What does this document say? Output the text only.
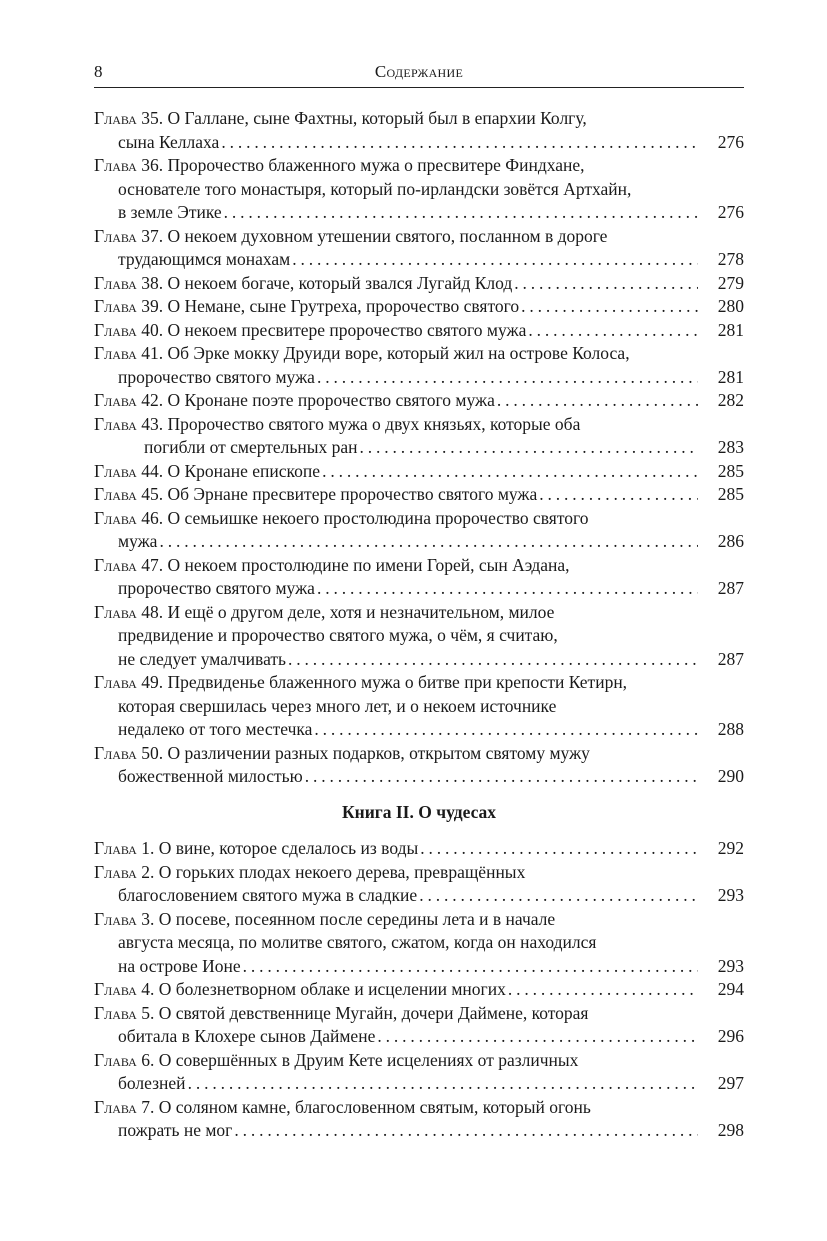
8	Содержание
Глава 35. О Галлане, сыне Фахтны, который был в епархии Колгу,
сына Келлаха . . .	276
Глава 36. Пророчество блаженного мужа о пресвитере Финдхане,
основателе того монастыря, который по-ирландски зовётся Артхайн,
в земле Этике . . .	276
Глава 37. О некоем духовном утешении святого, посланном в дороге
трудающимся монахам . . .	278
Глава 38. О некоем богаче, который звался Лугайд Клод . . .	279
Глава 39. О Немане, сыне Грутреха, пророчество святого . . .	280
Глава 40. О некоем пресвитере пророчество святого мужа . . .	281
Глава 41. Об Эрке мокку Друиди воре, который жил на острове Колоса,
пророчество святого мужа . . .	281
Глава 42. О Кронане поэте пророчество святого мужа . . .	282
Глава 43. Пророчество святого мужа о двух князьях, которые оба
погибли от смертельных ран . . .	283
Глава 44. О Кронане епископе . . .	285
Глава 45. Об Эрнане пресвитере пророчество святого мужа . . .	285
Глава 46. О семьишке некоего простолюдина пророчество святого
мужа . . .	286
Глава 47. О некоем простолюдине по имени Горей, сын Аэдана,
пророчество святого мужа . . .	287
Глава 48. И ещё о другом деле, хотя и незначительном, милое
предвидение и пророчество святого мужа, о чём, я считаю,
не следует умалчивать . . .	287
Глава 49. Предвиденье блаженного мужа о битве при крепости Кетирн,
которая свершилась через много лет, и о некоем источнике
недалеко от того местечка . . .	288
Глава 50. О различении разных подарков, открытом святому мужу
божественной милостью . . .	290
Книга II. О чудесах
Глава 1. О вине, которое сделалось из воды . . .	292
Глава 2. О горьких плодах некоего дерева, превращённых
благословением святого мужа в сладкие . . .	293
Глава 3. О посеве, посеянном после середины лета и в начале
августа месяца, по молитве святого, сжатом, когда он находился
на острове Ионе . . .	293
Глава 4. О болезнетворном облаке и исцелении многих . . .	294
Глава 5. О святой девственнице Мугайн, дочери Даймене, которая
обитала в Клохере сынов Даймене . . .	296
Глава 6. О совершённых в Друим Кете исцелениях от различных
болезней . . .	297
Глава 7. О соляном камне, благословенном святым, который огонь
пожрать не мог . . .	298
